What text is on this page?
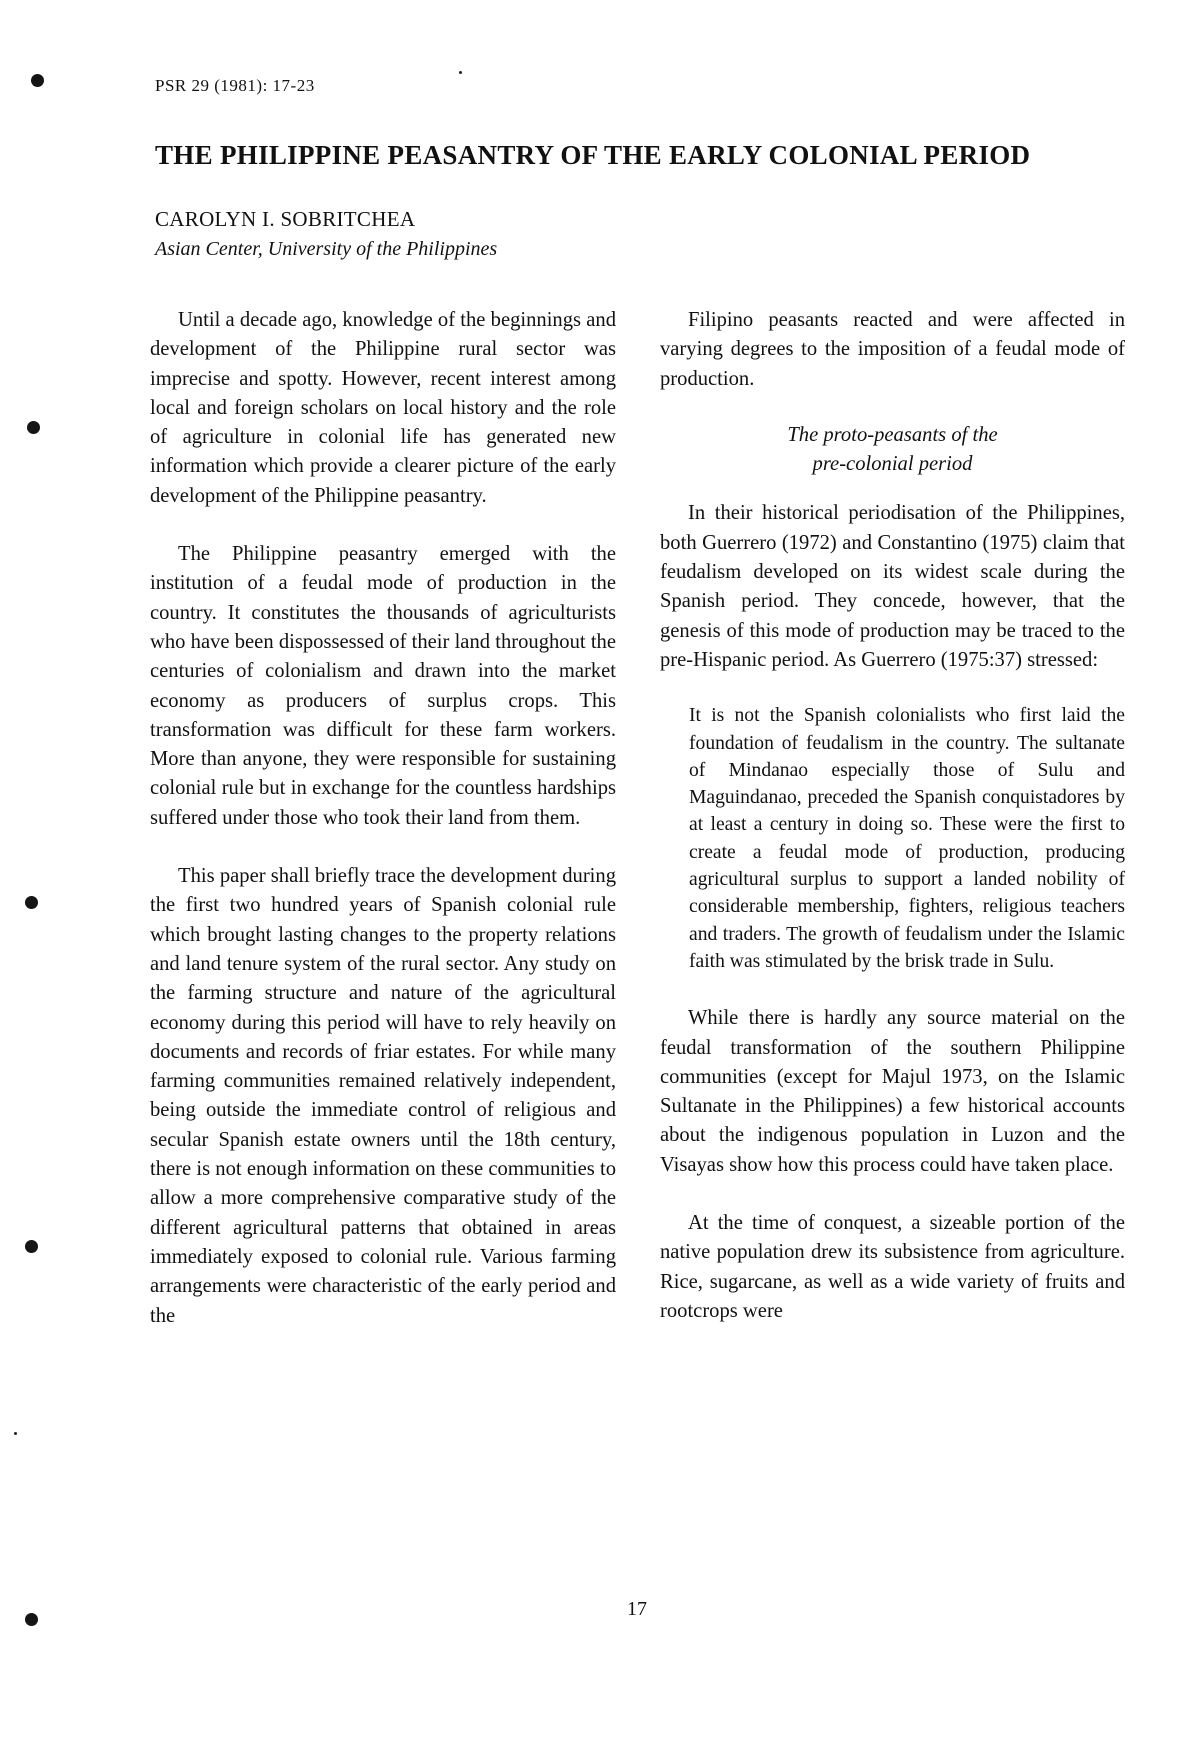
PSR 29 (1981): 17-23
THE PHILIPPINE PEASANTRY OF THE EARLY COLONIAL PERIOD
CAROLYN I. SOBRITCHEA
Asian Center, University of the Philippines

Until a decade ago, knowledge of the beginnings and development of the Philippine rural sector was imprecise and spotty. However, recent interest among local and foreign scholars on local history and the role of agriculture in colonial life has generated new information which provide a clearer picture of the early development of the Philippine peasantry.

The Philippine peasantry emerged with the institution of a feudal mode of production in the country. It constitutes the thousands of agriculturists who have been dispossessed of their land throughout the centuries of colonialism and drawn into the market economy as producers of surplus crops. This transformation was difficult for these farm workers. More than anyone, they were responsible for sustaining colonial rule but in exchange for the countless hardships suffered under those who took their land from them.

This paper shall briefly trace the development during the first two hundred years of Spanish colonial rule which brought lasting changes to the property relations and land tenure system of the rural sector. Any study on the farming structure and nature of the agricultural economy during this period will have to rely heavily on documents and records of friar estates. For while many farming communities remained relatively independent, being outside the immediate control of religious and secular Spanish estate owners until the 18th century, there is not enough information on these communities to allow a more comprehensive comparative study of the different agricultural patterns that obtained in areas immediately exposed to colonial rule. Various farming arrangements were characteristic of the early period and the

Filipino peasants reacted and were affected in varying degrees to the imposition of a feudal mode of production.

The proto-peasants of the
pre-colonial period

In their historical periodisation of the Philippines, both Guerrero (1972) and Constantino (1975) claim that feudalism developed on its widest scale during the Spanish period. They concede, however, that the genesis of this mode of production may be traced to the pre-Hispanic period. As Guerrero (1975:37) stressed:

It is not the Spanish colonialists who first laid the foundation of feudalism in the country. The sultanate of Mindanao especially those of Sulu and Maguindanao, preceded the Spanish conquistadores by at least a century in doing so. These were the first to create a feudal mode of production, producing agricultural surplus to support a landed nobility of considerable membership, fighters, religious teachers and traders. The growth of feudalism under the Islamic faith was stimulated by the brisk trade in Sulu.

While there is hardly any source material on the feudal transformation of the southern Philippine communities (except for Majul 1973, on the Islamic Sultanate in the Philippines) a few historical accounts about the indigenous population in Luzon and the Visayas show how this process could have taken place.

At the time of conquest, a sizeable portion of the native population drew its subsistence from agriculture. Rice, sugarcane, as well as a wide variety of fruits and rootcrops were

17
